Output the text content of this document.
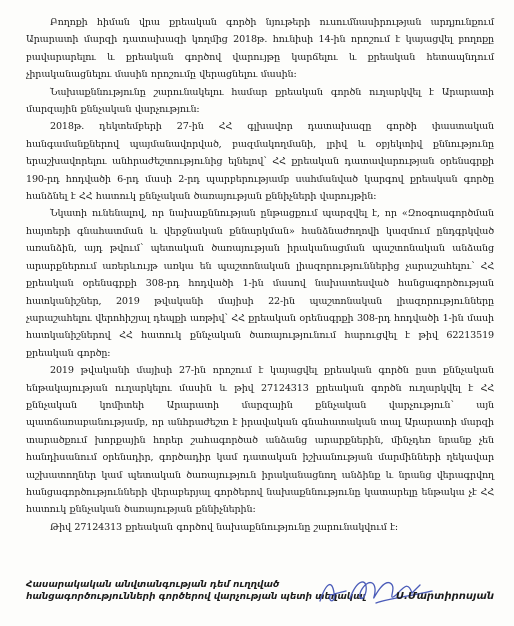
Բողոքի հիման վրա քրեական գործի նյութերի ուսումնասիրության արդյունքում Արարատի մարզի դատախազի կողմից 2018թ. հունիսի 14-ին որոշում է կայացվել բողոքը բավարարելու և քրեական գործով վարույթը կարճելու և քրեական հետապնդում չիրականացնելու մասին որոշումը վերացնելու մասին:

Նախաքննությունը շարունակելու համար քրեական գործն ուղարկվել է Արարատի մարզային քննչական վարչություն:

2018թ. դեկտեմբերի 27-ին ՀՀ գլխավոր դատախազը գործի փաստական հանգամանքներով պայմանավորված, բազմակողմանի, լրիվ և օբյեկտիվ քննությունը երաշխավորելու անհրաժեշտությունից ելնելով՝ ՀՀ քրեական դատավարության օրենսգրքի 190-րդ հոդվածի 6-րդ մասի 2-րդ պարբերությամբ սահմանված կարգով քրեական գործը հանձնել է ՀՀ հատուկ քննչական ծառայության քննիչների վարույթին:

Նկատի ունենալով, որ նախաքննության ընթացքում պարզվել է, որ «Զոօգոագործման հայտերի գնահատման և վերջնական քննարկման» հանձնաժողովի կազմում ընդգրկված առանձին, այդ թվում՝ պետական ծառայության իրականացման պաշտոնական անձանց արարքներում առերևույթ առկա են պաշտոնական լիազորություններից չարաշահելու՝ ՀՀ քրեական օրենսգրքի 308-րդ հոդվածի 1-ին մասով նախատեսված հանցագործության հատկանիշներ, 2019 թվականի մայիսի 22-ին պաշտոնական լիազորությունները չարաշահելու վերոհիշյալ դեպքի առթիվ՝ ՀՀ քրեական օրենսգրքի 308-րդ հոդվածի 1-ին մասի հատկանիշներով ՀՀ հատուկ քննչական ծառայությունում հարուցվել է թիվ 62213519 քրեական գործը:

2019 թվականի մայիսի 27-ին որոշում է կայացվել քրեական գործն ըստ քննչական ենթակայության ուղարկելու մասին և թիվ 27124313 քրեական գործն ուղարկվել է ՀՀ քննչական կոմիտեի Արարատի մարզային քննչական վարչություն՝ այն պատճառաբանությամբ, որ անհրաժեշտ է իրավական գնահատական տալ Արարատի մարզի տարածքում խորքային հորեր շահագործած անձանց արարքներին, մինչդեռ նրանք չեն հանդիսանում օրենսդիր, գործադիր կամ դատական իշխանության մարմինների ղեկավար աշխատողներ կամ պետական ծառայություն իրականացնող անձինք և նրանց վերագրվող հանցագործությունների վերաբերյալ գործերով նախաքննությունը կատարելը ենթակա չէ ՀՀ հատուկ քննչական ծառայության քննիչներին:

Թիվ 27124313 քրեական գործով նախաքննությունը շարունակվում է:

Հասարակական անվտանգության դեմ ուղղված
հանցագործությունների գործերով վարչության պետի տեղակալ	Ս.Մարտիրոսյան
